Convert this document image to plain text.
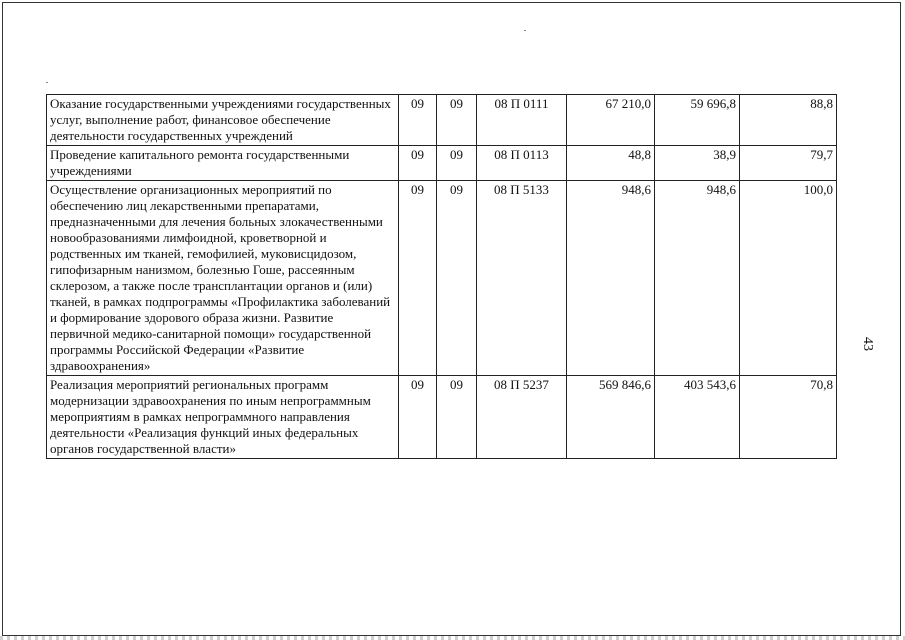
Оказание государственными учреждениями государственных услуг, выполнение работ, финансовое обеспечение деятельности государственных учреждений	09	09	08 П 0111	67 210,0	59 696,8	88,8
Проведение капитального ремонта государственными учреждениями	09	09	08 П 0113	48,8	38,9	79,7
Осуществление организационных мероприятий по обеспечению лиц лекарственными препаратами, предназначенными для лечения больных злокачественными новообразованиями лимфоидной, кроветворной и родственных им тканей, гемофилией, муковисцидозом, гипофизарным нанизмом, болезнью Гоше, рассеянным склерозом, а также после трансплантации органов и (или) тканей, в рамках подпрограммы «Профилактика заболеваний и формирование здорового образа жизни. Развитие первичной медико-санитарной помощи» государственной программы Российской Федерации «Развитие здравоохранения»	09	09	08 П 5133	948,6	948,6	100,0
Реализация мероприятий региональных программ модернизации здравоохранения по иным непрограммным мероприятиям в рамках непрограммного направления деятельности «Реализация функций иных федеральных органов государственной власти»	09	09	08 П 5237	569 846,6	403 543,6	70,8
43
